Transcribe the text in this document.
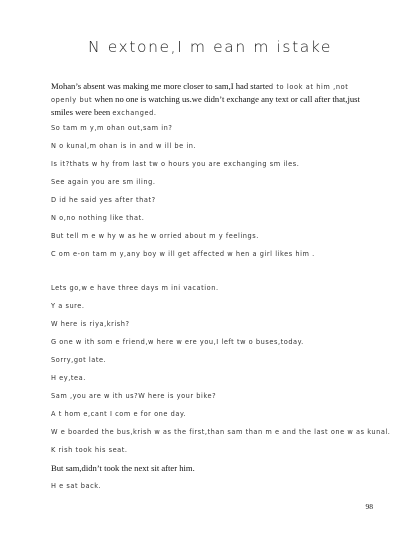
N extone,I m ean m istake
Mohan’s absent was making me more closer to sam,I had started to look at him ,not openly but when no one is watching us.we didn’t exchange any text or call after that,just smiles were been exchanged.

So tam m y,m ohan out,sam in?

N o kunal,m ohan is in and w ill be in.

Is it?thats w hy from last tw o hours you are exchanging sm iles.

See again you are sm iling.

D id he said yes after that?

N o,no nothing like that.

But tell m e w hy w as he w orried about m y feelings.

C om e-on tam m y,any boy w ill get affected w hen a girl likes him .

Lets go,w e have three days m ini vacation.

Y a sure.

W here is riya,krish?

G one w ith som e friend,w here w ere you,I left tw o buses,today.

Sorry,got late.

H ey,tea.

Sam ,you are w ith us?W here is your bike?

A t hom e,cant I com e for one day.

W e boarded the bus,krish w as the first,than sam than m e and the last one w as kunal.

K rish took his seat.

But sam,didn’t took the next sit after him.

H e sat back.

98
